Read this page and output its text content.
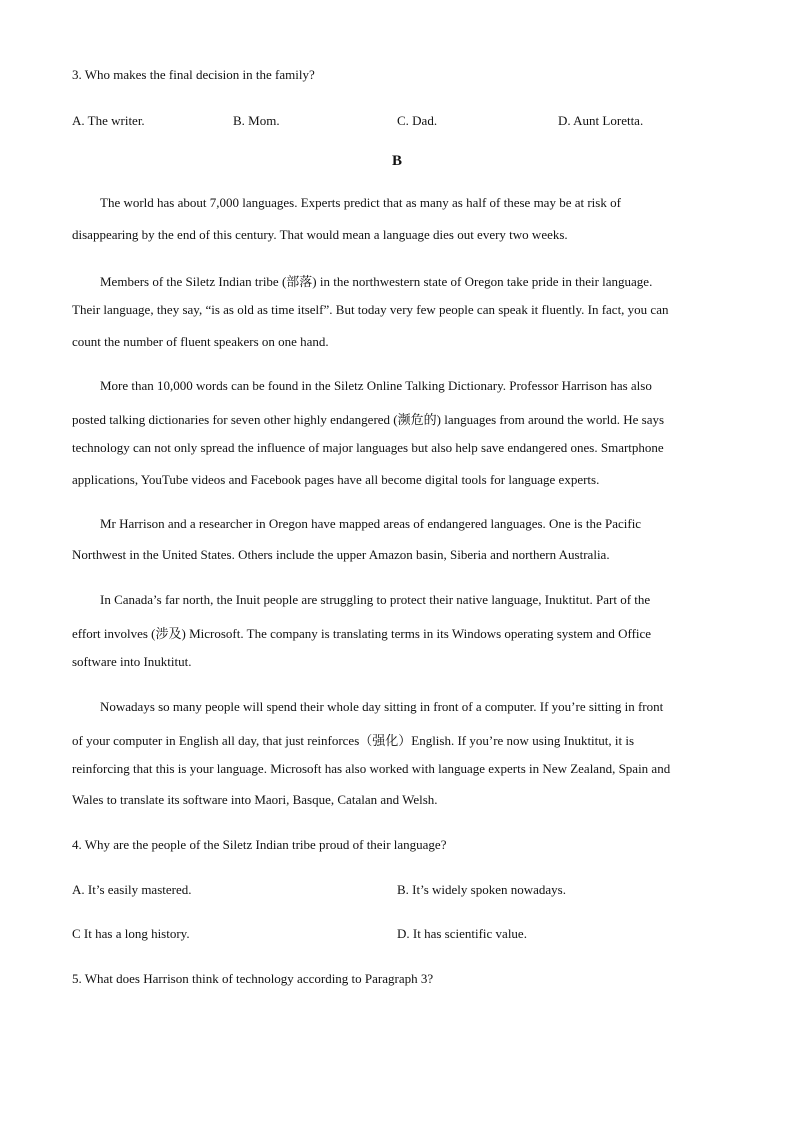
3. Who makes the final decision in the family?
A. The writer.	B. Mom.	C. Dad.	D. Aunt Loretta.
B
The world has about 7,000 languages. Experts predict that as many as half of these may be at risk of
disappearing by the end of this century. That would mean a language dies out every two weeks.
Members of the Siletz Indian tribe (部落) in the northwestern state of Oregon take pride in their language.
Their language, they say, “is as old as time itself”. But today very few people can speak it fluently. In fact, you can
count the number of fluent speakers on one hand.
More than 10,000 words can be found in the Siletz Online Talking Dictionary. Professor Harrison has also
posted talking dictionaries for seven other highly endangered (濒危的) languages from around the world. He says
technology can not only spread the influence of major languages but also help save endangered ones. Smartphone
applications, YouTube videos and Facebook pages have all become digital tools for language experts.
Mr Harrison and a researcher in Oregon have mapped areas of endangered languages. One is the Pacific
Northwest in the United States. Others include the upper Amazon basin, Siberia and northern Australia.
In Canada’s far north, the Inuit people are struggling to protect their native language, Inuktitut. Part of the
effort involves (涉及) Microsoft. The company is translating terms in its Windows operating system and Office
software into Inuktitut.
Nowadays so many people will spend their whole day sitting in front of a computer. If you’re sitting in front
of your computer in English all day, that just reinforces（强化）English. If you’re now using Inuktitut, it is
reinforcing that this is your language. Microsoft has also worked with language experts in New Zealand, Spain and
Wales to translate its software into Maori, Basque, Catalan and Welsh.
4. Why are the people of the Siletz Indian tribe proud of their language?
A. It’s easily mastered.	B. It’s widely spoken nowadays.
C It has a long history.	D. It has scientific value.
5. What does Harrison think of technology according to Paragraph 3?
